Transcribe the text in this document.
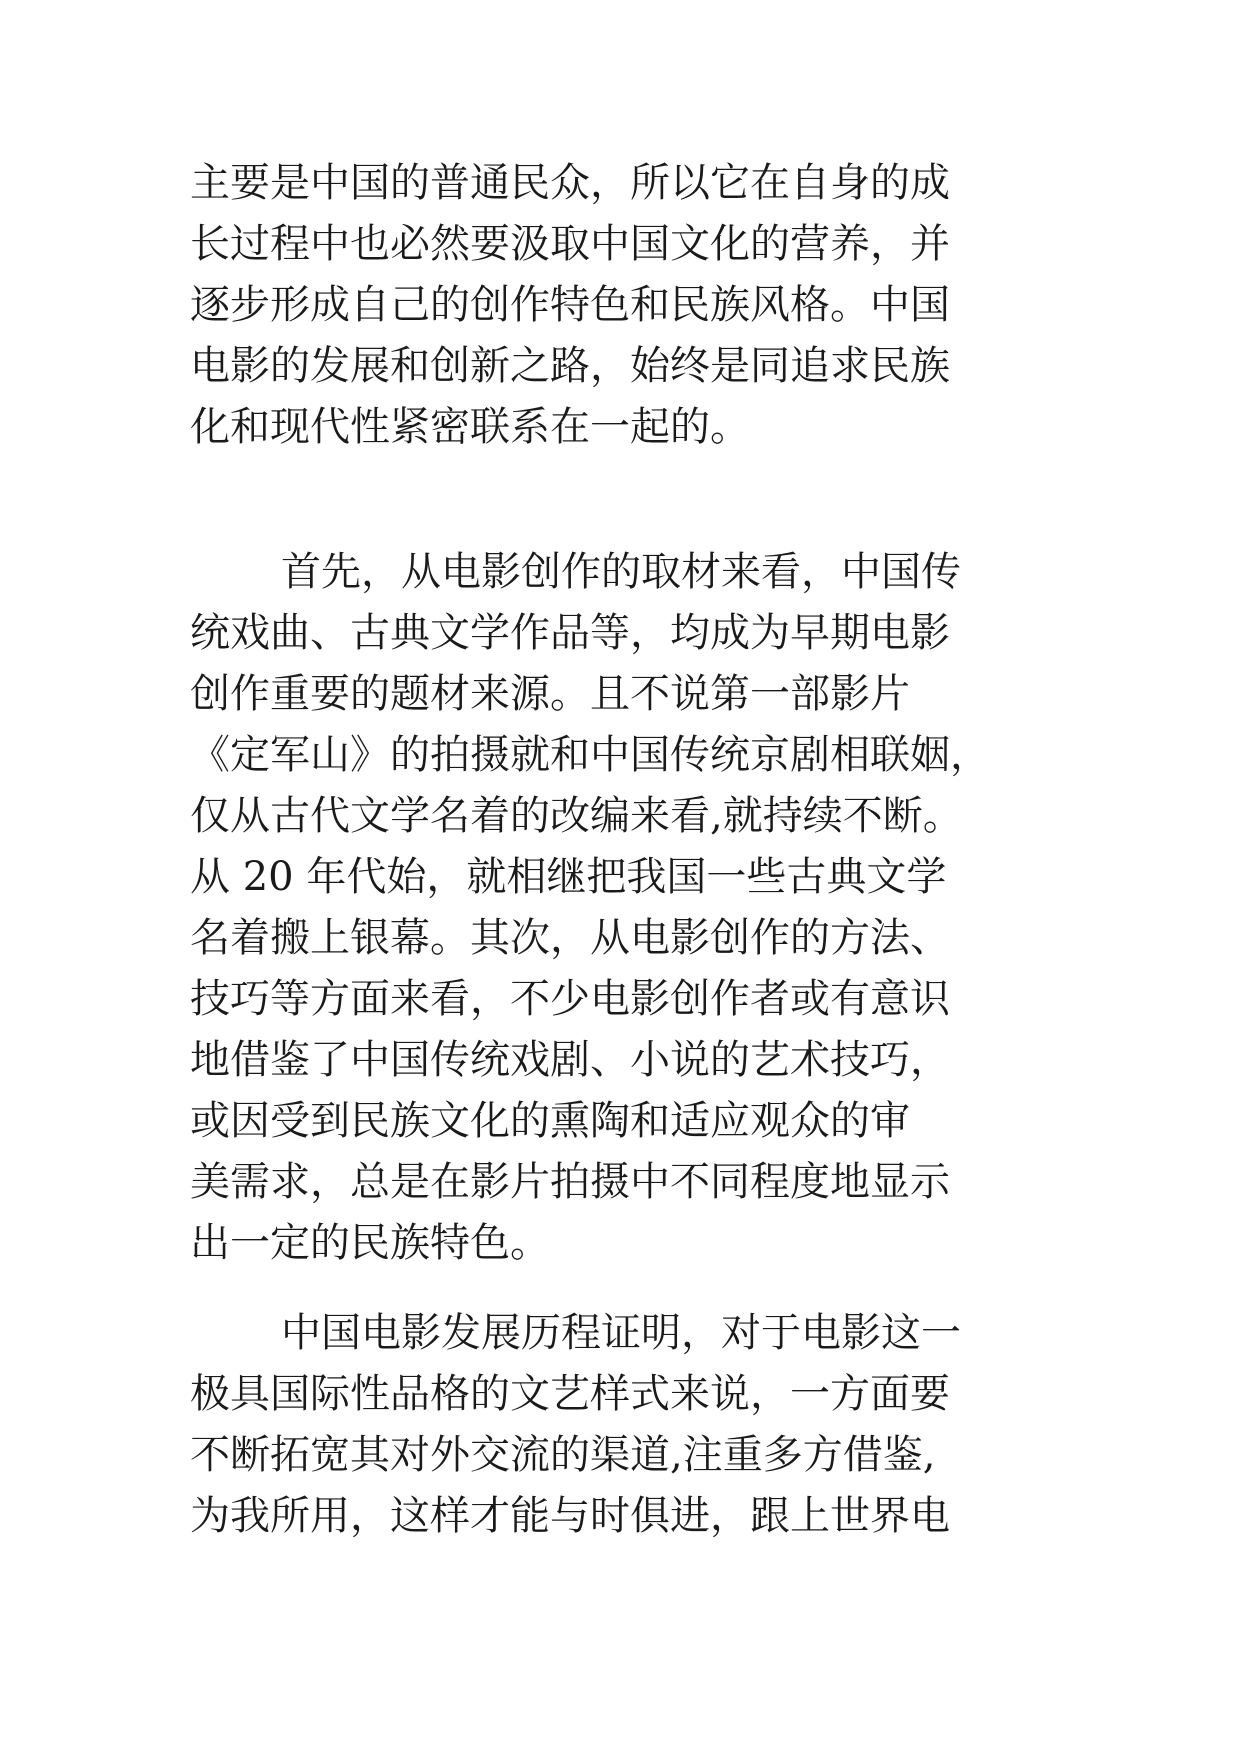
主要是中国的普通民众，所以它在自身的成
长过程中也必然要汲取中国文化的营养，并
逐步形成自己的创作特色和民族风格。中国
电影的发展和创新之路，始终是同追求民族
化和现代性紧密联系在一起的。
首先，从电影创作的取材来看，中国传
统戏曲、古典文学作品等，均成为早期电影
创作重要的题材来源。且不说第一部影片
《定军山》的拍摄就和中国传统京剧相联姻，
仅从古代文学名着的改编来看,就持续不断。
从 20 年代始，就相继把我国一些古典文学
名着搬上银幕。其次，从电影创作的方法、
技巧等方面来看，不少电影创作者或有意识
地借鉴了中国传统戏剧、小说的艺术技巧，
或因受到民族文化的熏陶和适应观众的审
美需求，总是在影片拍摄中不同程度地显示
出一定的民族特色。
中国电影发展历程证明，对于电影这一
极具国际性品格的文艺样式来说，一方面要
不断拓宽其对外交流的渠道,注重多方借鉴,
为我所用，这样才能与时俱进，跟上世界电
